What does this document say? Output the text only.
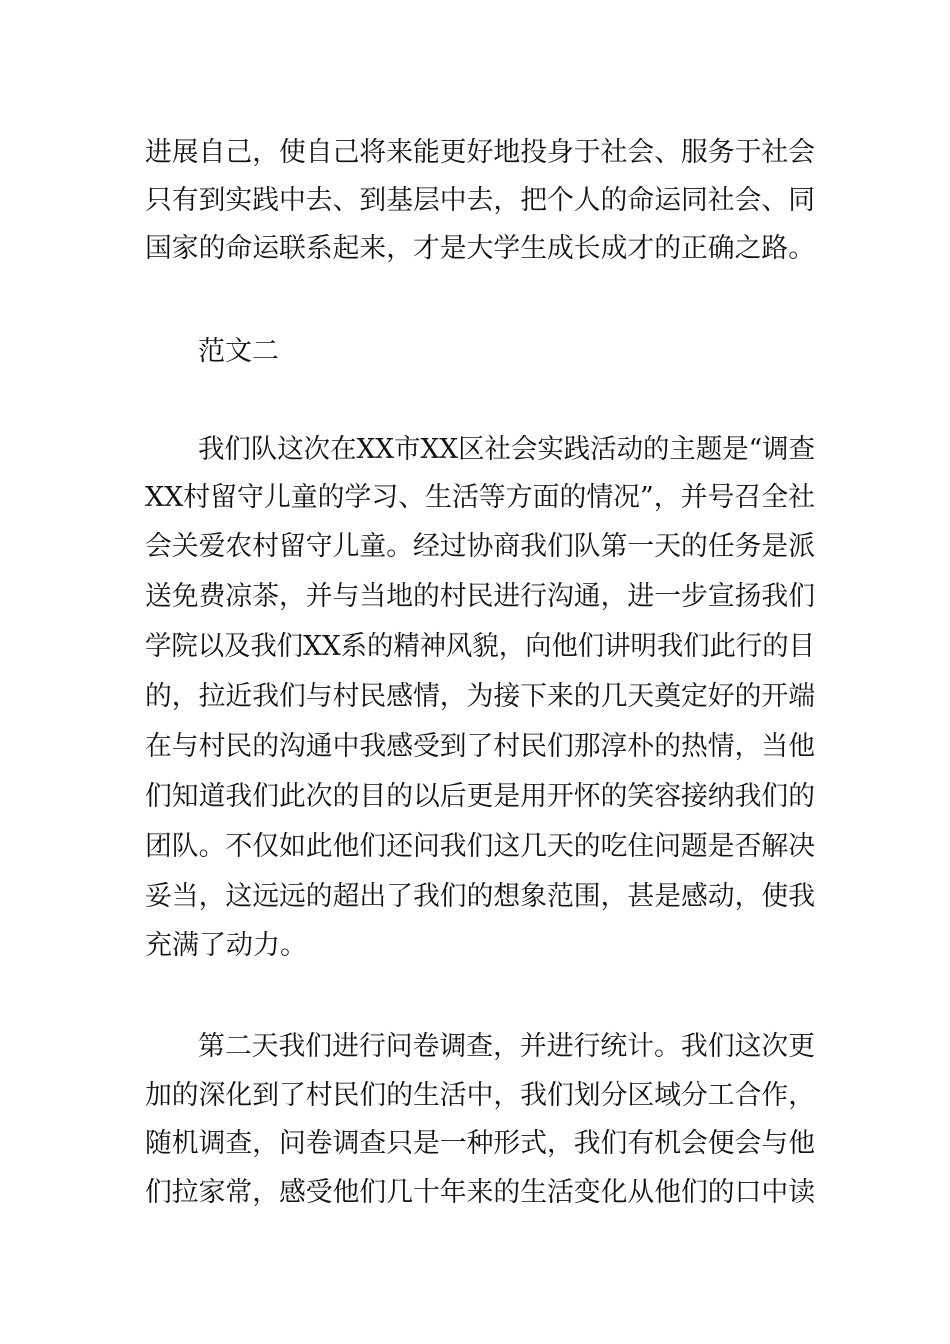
进展自己，使自己将来能更好地投身于社会、服务于社会
只有到实践中去、到基层中去，把个人的命运同社会、同
国家的命运联系起来，才是大学生成长成才的正确之路。
范文二
我们队这次在XX市XX区社会实践活动的主题是“调查
XX村留守儿童的学习、生活等方面的情况”，并号召全社
会关爱农村留守儿童。经过协商我们队第一天的任务是派
送免费凉茶，并与当地的村民进行沟通，进一步宣扬我们
学院以及我们XX系的精神风貌，向他们讲明我们此行的目
的，拉近我们与村民感情，为接下来的几天奠定好的开端
在与村民的沟通中我感受到了村民们那淳朴的热情，当他
们知道我们此次的目的以后更是用开怀的笑容接纳我们的
团队。不仅如此他们还问我们这几天的吃住问题是否解决
妥当，这远远的超出了我们的想象范围，甚是感动，使我
充满了动力。
第二天我们进行问卷调查，并进行统计。我们这次更
加的深化到了村民们的生活中，我们划分区域分工合作，
随机调查，问卷调查只是一种形式，我们有机会便会与他
们拉家常，感受他们几十年来的生活变化从他们的口中读
